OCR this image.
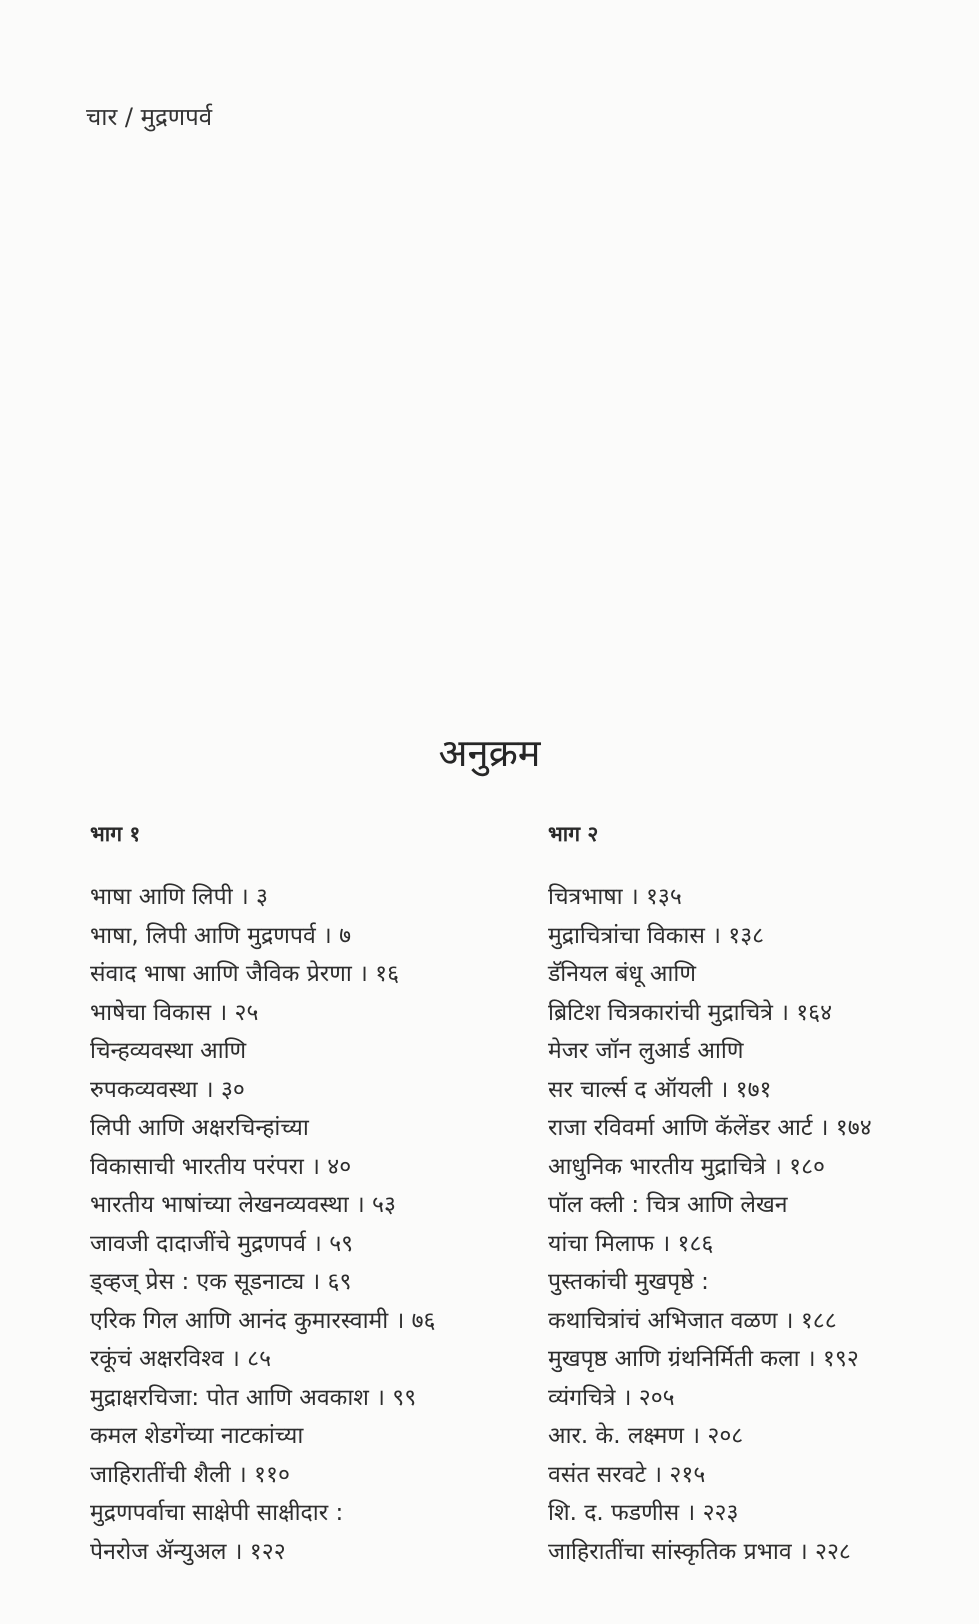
चार / मुद्रणपर्व
अनुक्रम
भाग १
भाषा आणि लिपी । ३
भाषा, लिपी आणि मुद्रणपर्व । ७
संवाद भाषा आणि जैविक प्रेरणा । १६
भाषेचा विकास । २५
चिन्हव्यवस्था आणि
रुपकव्यवस्था । ३०
लिपी आणि अक्षरचिन्हांच्या
विकासाची भारतीय परंपरा । ४०
भारतीय भाषांच्या लेखनव्यवस्था । ५३
जावजी दादाजींचे मुद्रणपर्व । ५९
ड्व्हज् प्रेस : एक सूडनाट्य । ६९
एरिक गिल आणि आनंद कुमारस्वामी । ७६
रकूंचं अक्षरविश्व । ८५
मुद्राक्षरचिजा: पोत आणि अवकाश । ९९
कमल शेडगेंच्या नाटकांच्या
जाहिरातींची शैली । ११०
मुद्रणपर्वाचा साक्षेपी साक्षीदार :
पेनरोज ॲन्युअल । १२२
भाग २
चित्रभाषा । १३५
मुद्राचित्रांचा विकास । १३८
डॅनियल बंधू आणि
ब्रिटिश चित्रकारांची मुद्राचित्रे । १६४
मेजर जॉन लुआर्ड आणि
सर चार्ल्स द ऑयली । १७१
राजा रविवर्मा आणि कॅलेंडर आर्ट । १७४
आधुनिक भारतीय मुद्राचित्रे । १८०
पॉल क्ली : चित्र आणि लेखन
यांचा मिलाफ । १८६
पुस्तकांची मुखपृष्ठे :
कथाचित्रांचं अभिजात वळण । १८८
मुखपृष्ठ आणि ग्रंथनिर्मिती कला । १९२
व्यंगचित्रे । २०५
आर. के. लक्ष्मण । २०८
वसंत सरवटे । २१५
शि. द. फडणीस । २२३
जाहिरातींचा सांस्कृतिक प्रभाव । २२८
